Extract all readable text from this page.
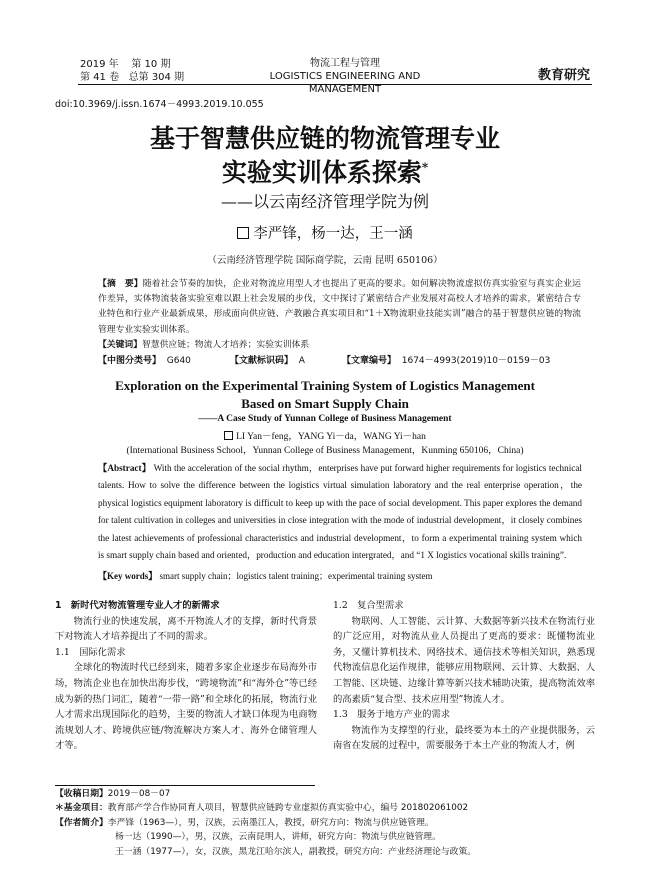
2019 年 第 10 期
第 41 卷 总第 304 期
物流工程与管理
LOGISTICS ENGINEERING AND MANAGEMENT
教育研究
doi:10.3969/j.issn.1674－4993.2019.10.055
基于智慧供应链的物流管理专业
实验实训体系探索*
——以云南经济管理学院为例
李严锋，杨一达，王一涵
（云南经济管理学院 国际商学院，云南 昆明 650106）
【摘　要】随着社会节奏的加快，企业对物流应用型人才也提出了更高的要求。如何解决物流虚拟仿真实验室与真实企业运作差异，实体物流装备实验室难以跟上社会发展的步伐，文中探讨了紧密结合产业发展对高校人才培养的需求，紧密结合专业特色和行业产业最新成果，形成面向供应链、产教融合真实项目和“1＋X物流职业技能实训”融合的基于智慧供应链的物流管理专业实验实训体系。
【关键词】智慧供应链；物流人才培养；实验实训体系
【中图分类号】 G640	【文献标识码】 A	【文章编号】 1674－4993(2019)10－0159－03
Exploration on the Experimental Training System of Logistics Management
Based on Smart Supply Chain
——A Case Study of Yunnan College of Business Management
LI Yan－feng，YANG Yi－da，WANG Yi－han
(International Business School，Yunnan College of Business Management，Kunming 650106，China)
【Abstract】 With the acceleration of the social rhythm，enterprises have put forward higher requirements for logistics technical talents. How to solve the difference between the logistics virtual simulation laboratory and the real enterprise operation，the physical logistics equipment laboratory is difficult to keep up with the pace of social development. This paper explores the demand for talent cultivation in colleges and universities in close integration with the mode of industrial development，it closely combines the latest achievements of professional characteristics and industrial development，to form a experimental training system which is smart supply chain based and oriented，production and education intergrated，and “1 X logistics vocational skills training”.
【Key words】 smart supply chain；logistics talent training；experimental training system
1　新时代对物流管理专业人才的新需求

物流行业的快速发展，离不开物流人才的支撑，新时代背景下对物流人才培养提出了不同的需求。

1.1　国际化需求

全球化的物流时代已经到来，随着多家企业逐步布局海外市场，物流企业也在加快出海步伐，“跨境物流”和“海外仓”等已经成为新的热门词汇，随着“一带一路”和全球化的拓展，物流行业人才需求出现国际化的趋势，主要的物流人才缺口体现为电商物流规划人才、跨境供应链/物流解决方案人才、海外仓储管理人才等。

1.2　复合型需求

物联网、人工智能、云计算、大数据等新兴技术在物流行业的广泛应用，对物流从业人员提出了更高的要求：既懂物流业务，又懂计算机技术、网络技术、通信技术等相关知识，熟悉现代物流信息化运作规律，能够应用物联网、云计算、大数据、人工智能、区块链、边缘计算等新兴技术辅助决策，提高物流效率的高素质“复合型、技术应用型”物流人才。

1.3　服务于地方产业的需求

物流作为支撑型的行业，最终要为本土的产业提供服务，云南省在发展的过程中，需要服务于本土产业的物流人才，例

【收稿日期】2019－08－07
＊基金项目：教育部产学合作协同育人项目，智慧供应链跨专业虚拟仿真实验中心，编号 201802061002
【作者简介】李严锋（1963—），男，汉族，云南墨江人，教授，研究方向：物流与供应链管理。
杨一达（1990—），男，汉族，云南昆明人，讲师，研究方向：物流与供应链管理。
王一涵（1977—），女，汉族，黑龙江哈尔滨人，副教授，研究方向：产业经济理论与政策。
